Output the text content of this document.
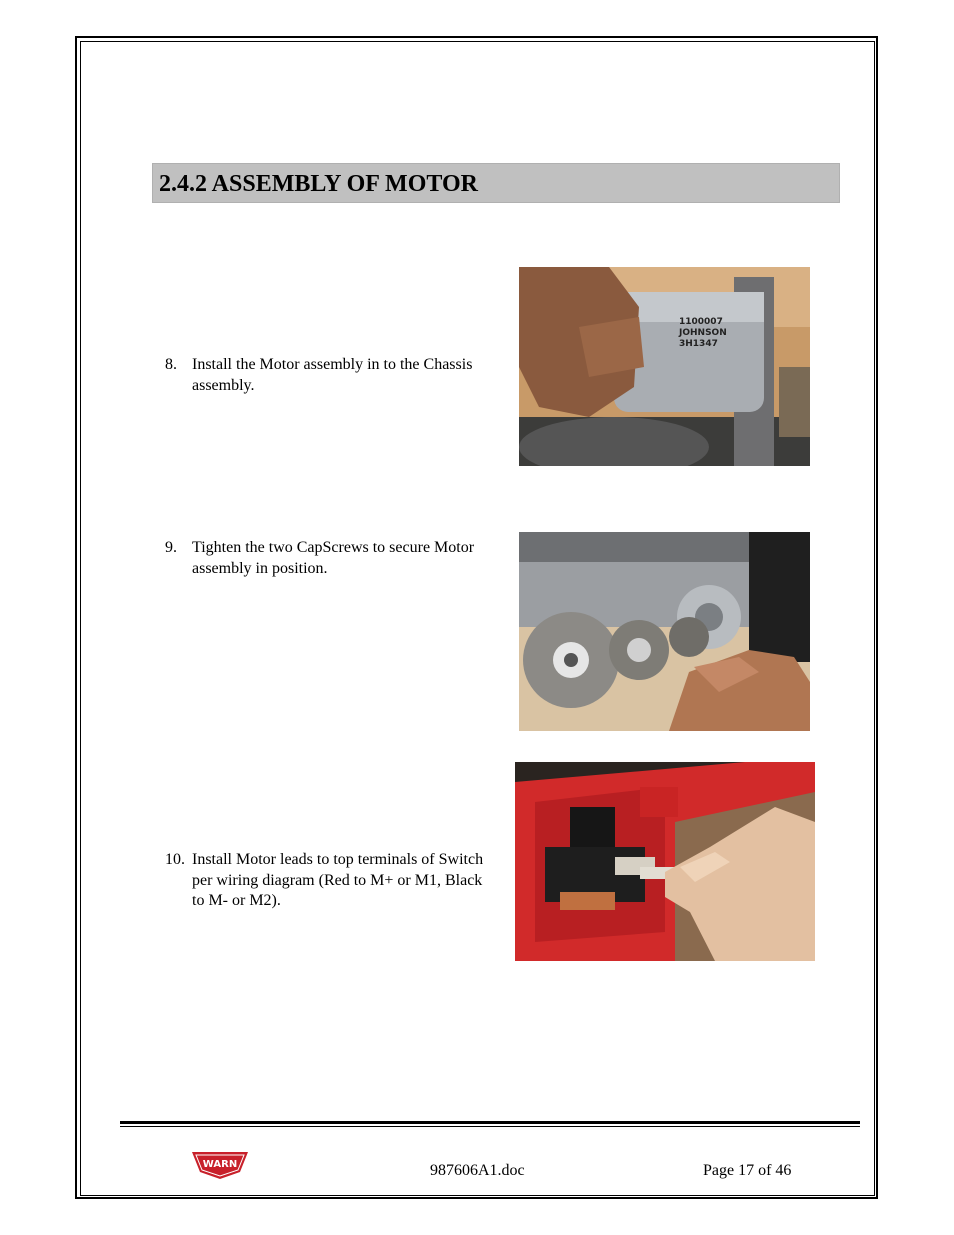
2.4.2 ASSEMBLY OF MOTOR
8. Install the Motor assembly in to the Chassis assembly.
1100007
JOHNSON
3H1347
9. Tighten the two CapScrews to secure Motor assembly in position.
10. Install Motor leads to top terminals of Switch per wiring diagram (Red to M+ or M1, Black to M- or M2).
WARN	987606A1.doc	Page 17 of 46
